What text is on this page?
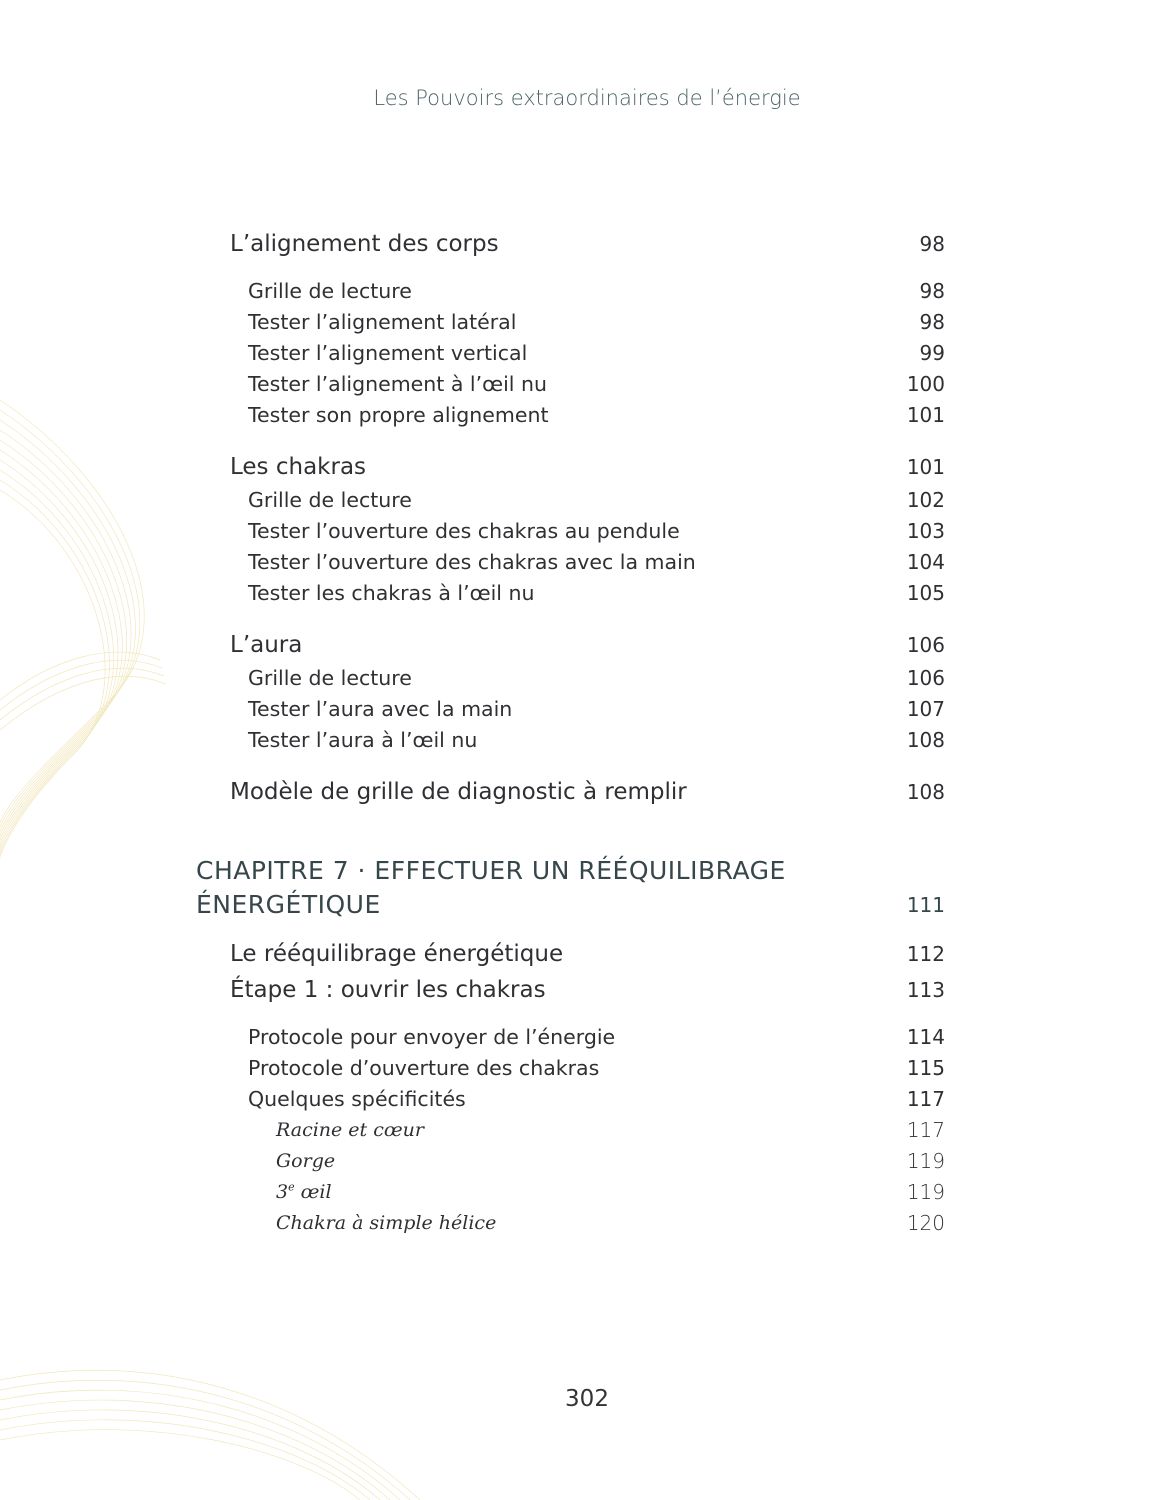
Les Pouvoirs extraordinaires de l’énergie
L’alignement des corps	98
Grille de lecture	98
Tester l’alignement latéral	98
Tester l’alignement vertical	99
Tester l’alignement à l’œil nu	100
Tester son propre alignement	101
Les chakras	101
Grille de lecture	102
Tester l’ouverture des chakras au pendule	103
Tester l’ouverture des chakras avec la main	104
Tester les chakras à l’œil nu	105
L’aura	106
Grille de lecture	106
Tester l’aura avec la main	107
Tester l’aura à l’œil nu	108
Modèle de grille de diagnostic à remplir	108
CHAPITRE 7 · EFFECTUER UN RÉÉQUILIBRAGE ÉNERGÉTIQUE	111
Le rééquilibrage énergétique	112
Étape 1 : ouvrir les chakras	113
Protocole pour envoyer de l’énergie	114
Protocole d’ouverture des chakras	115
Quelques spécificités	117
Racine et cœur	117
Gorge	119
3e œil	119
Chakra à simple hélice	120
302
